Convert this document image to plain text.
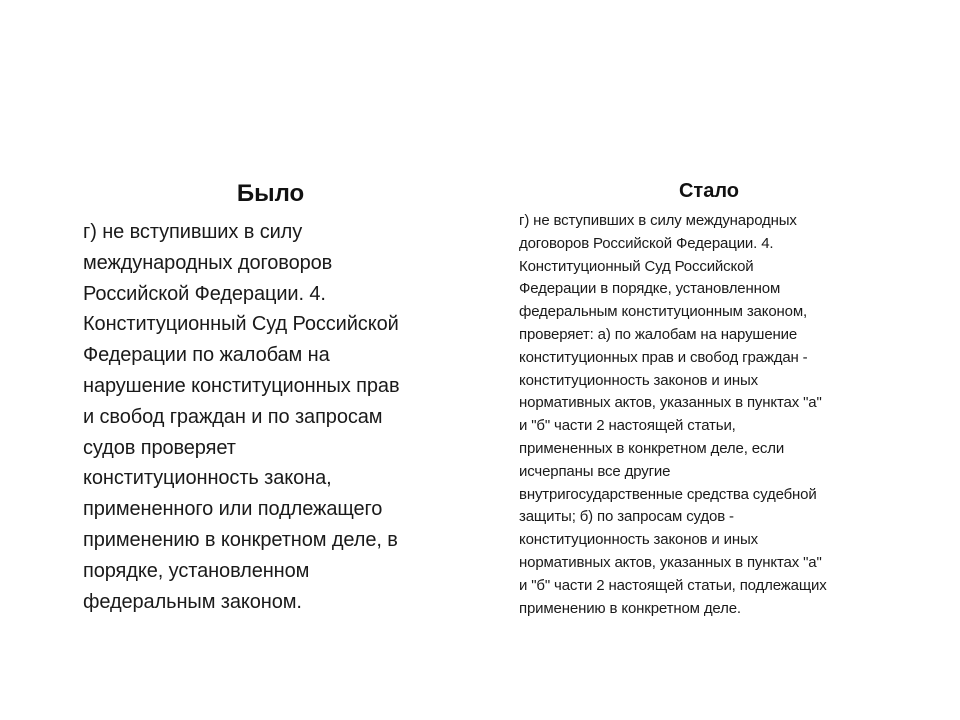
Было

г) не вступивших в силу
международных договоров
Российской Федерации. 4.
Конституционный Суд Российской
Федерации по жалобам на
нарушение конституционных прав
и свобод граждан и по запросам
судов проверяет
конституционность закона,
примененного или подлежащего
применению в конкретном деле, в
порядке, установленном
федеральным законом.

Стало

г) не вступивших в силу международных
договоров Российской Федерации. 4.
Конституционный Суд Российской
Федерации в порядке, установленном
федеральным конституционным законом,
проверяет: а) по жалобам на нарушение
конституционных прав и свобод граждан -
конституционность законов и иных
нормативных актов, указанных в пунктах "а"
и "б" части 2 настоящей статьи,
примененных в конкретном деле, если
исчерпаны все другие
внутригосударственные средства судебной
защиты; б) по запросам судов -
конституционность законов и иных
нормативных актов, указанных в пунктах "а"
и "б" части 2 настоящей статьи, подлежащих
применению в конкретном деле.
